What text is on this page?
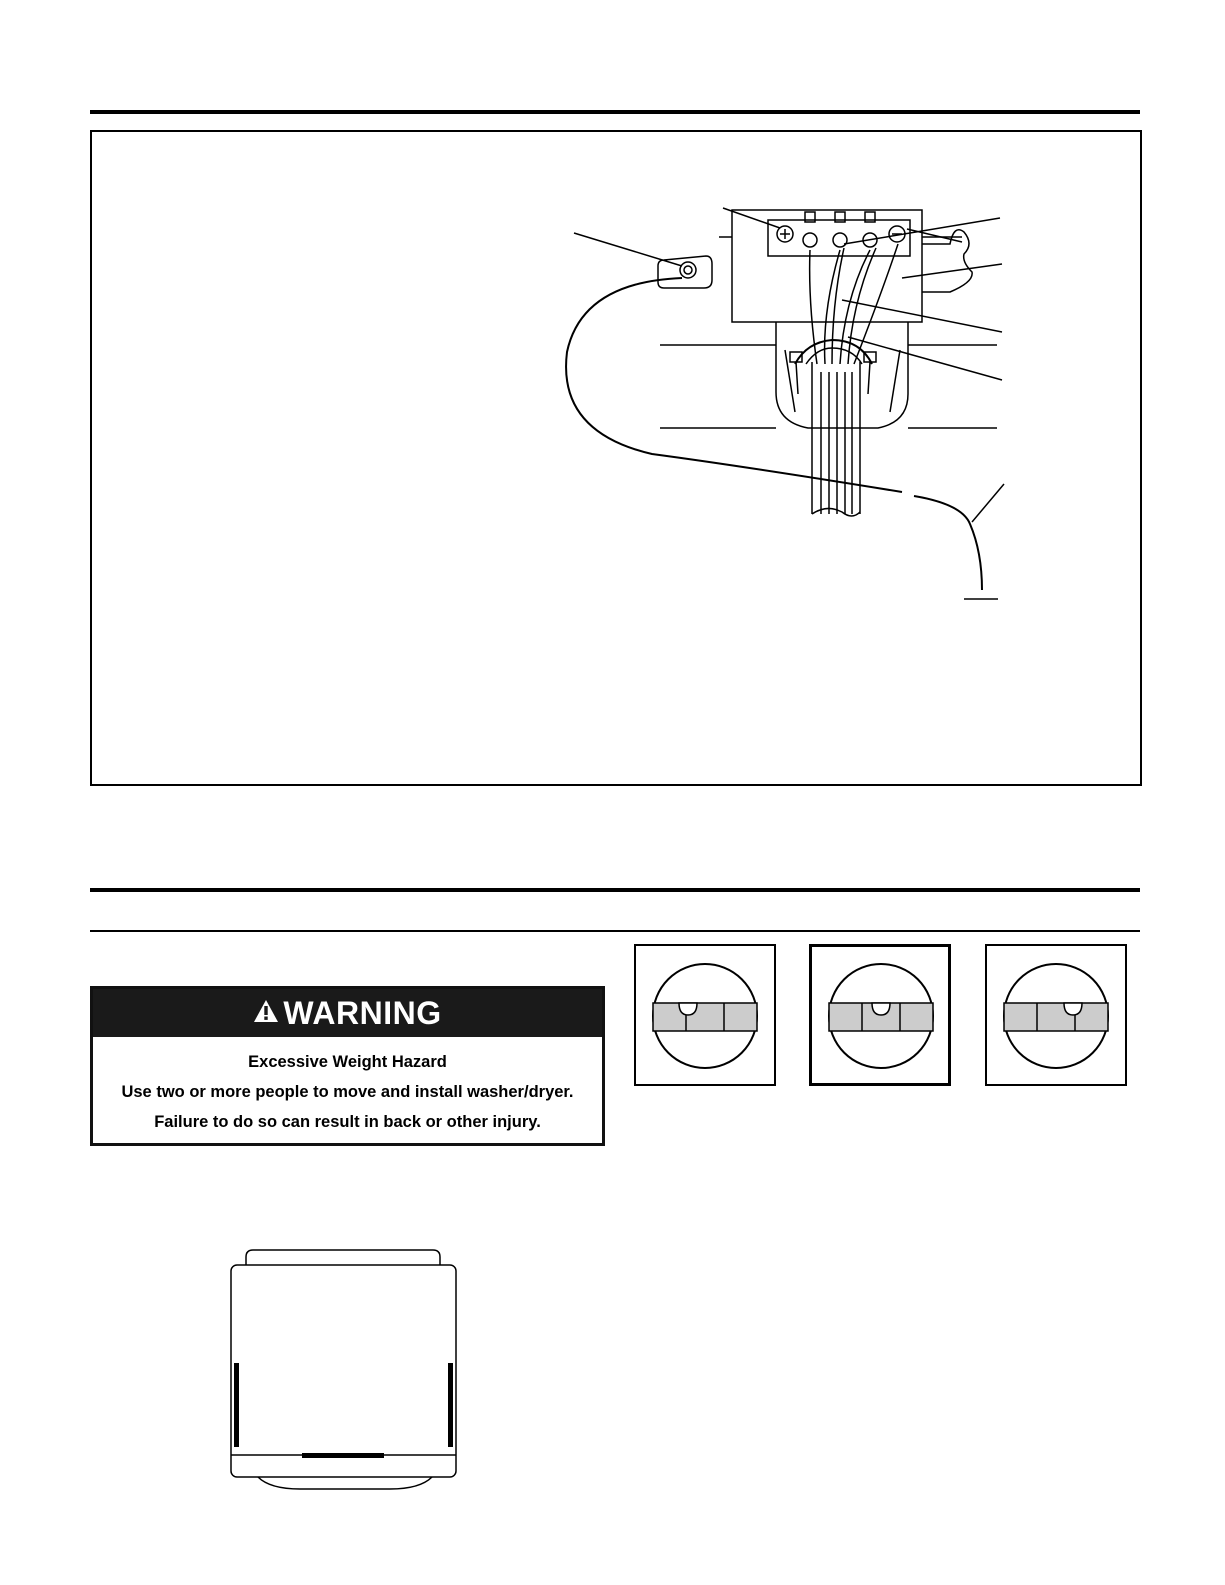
WARNING
Excessive Weight Hazard
Use two or more people to move and install washer/dryer.
Failure to do so can result in back or other injury.
